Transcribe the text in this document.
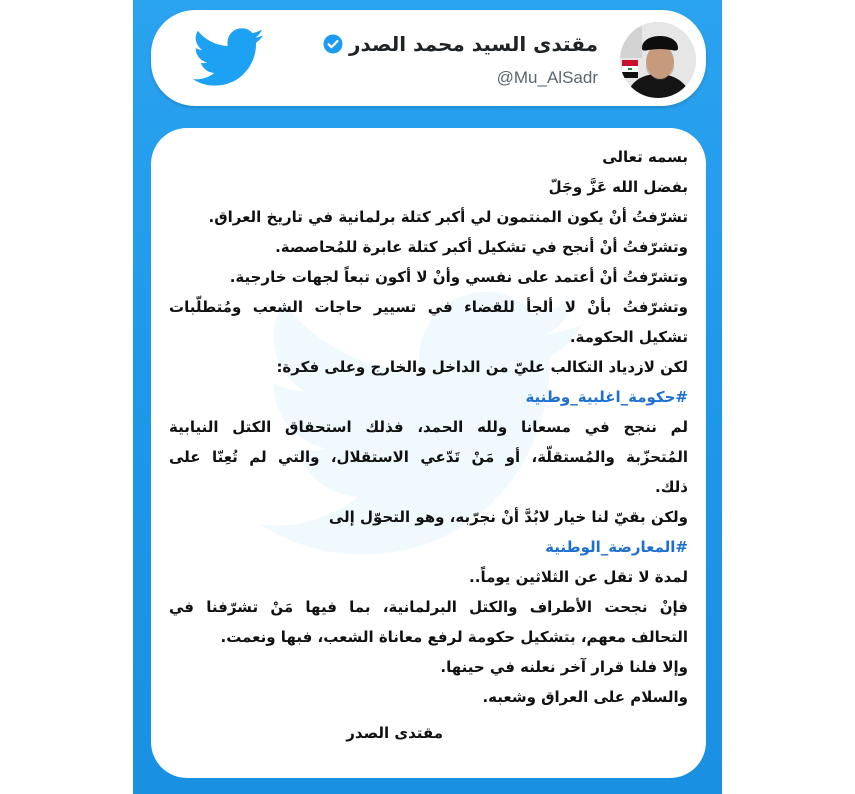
مقتدى السيد محمد الصدر
@Mu_AlSadr
بسمه تعالى
بفضل الله عَزَّ وجَلّ
تشرّفتُ أنْ يكون المنتمون لي أكبر كتلة برلمانية في تاريخ العراق.
وتشرّفتُ أنْ أنجح في تشكيل أكبر كتلة عابرة للمُحاصصة.
وتشرّفتُ أنْ أعتمد على نفسي وأنْ لا أكون تبعاً لجهات خارجية.
وتشرّفتُ بأنْ لا ألجأ للقضاء في تسيير حاجات الشعب ومُتطلّبات
تشكيل الحكومة.
لكن لازدياد التكالب عليّ من الداخل والخارج وعلى فكرة:
#حكومة_اغلبية_وطنية
لم ننجح في مسعانا ولله الحمد، فذلك استحقاق الكتل النيابية
المُتحزّبة والمُستقلّة، أو مَنْ تَدّعي الاستقلال، والتي لم تُعِنّا على
ذلك.
ولكن بقيّ لنا خيار لابُدَّ أنْ نجرّبه، وهو التحوّل إلى
#المعارضة_الوطنية
لمدة لا تقل عن الثلاثين يوماً..
فإنْ نجحت الأطراف والكتل البرلمانية، بما فيها مَنْ تشرّفنا في
التحالف معهم، بتشكيل حكومة لرفع معاناة الشعب، فبها ونعمت.
وإلا فلنا قرار آخر نعلنه في حينها.
والسلام على العراق وشعبه.
مقتدى الصدر
